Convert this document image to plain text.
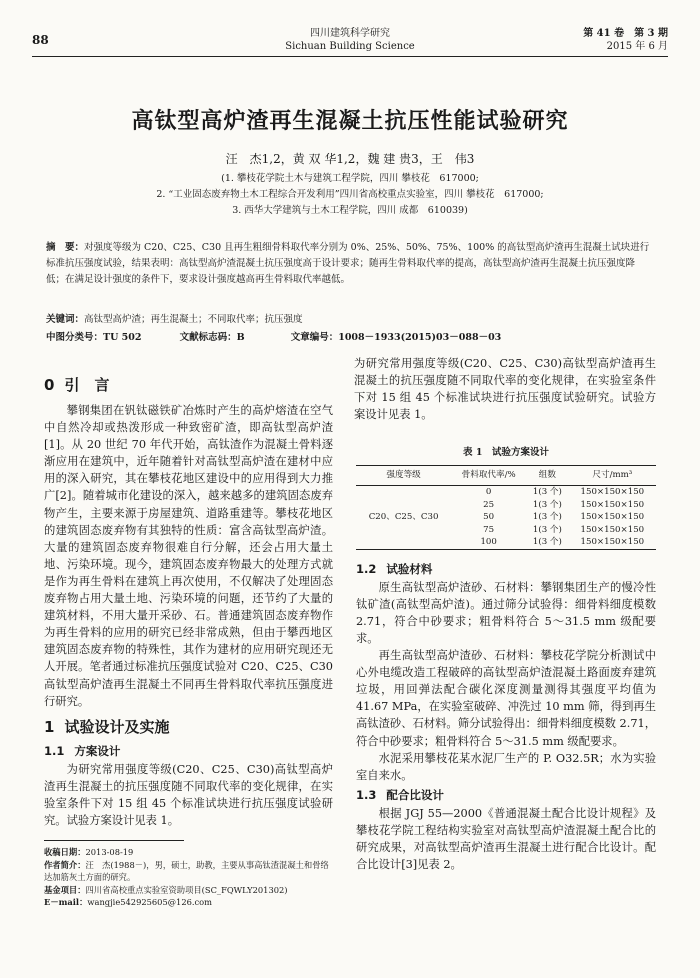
88	四川建筑科学研究
Sichuan Building Science
第 41 卷　第 3 期
2015 年 6 月
高钛型高炉渣再生混凝土抗压性能试验研究
汪　杰1,2，黄 双 华1,2，魏 建 贵3，王　伟3
(1. 攀枝花学院土木与建筑工程学院，四川 攀枝花　617000;
2. “工业固态废弃物土木工程综合开发利用”四川省高校重点实验室，四川 攀枝花　617000;
3. 西华大学建筑与土木工程学院，四川 成都　610039)
摘　要：对强度等级为 C20、C25、C30 且再生粗细骨料取代率分别为 0%、25%、50%、75%、100% 的高钛型高炉渣再生混凝土试块进行标准抗压强度试验，结果表明：高钛型高炉渣混凝土抗压强度高于设计要求；随再生骨料取代率的提高，高钛型高炉渣再生混凝土抗压强度降低；在满足设计强度的条件下，要求设计强度越高再生骨料取代率越低。
关键词：高钛型高炉渣；再生混凝土；不同取代率；抗压强度
中图分类号：TU 502	文献标志码：B	文章编号：1008－1933(2015)03－088－03
0 引　言

攀钢集团在钒钛磁铁矿冶炼时产生的高炉熔渣在空气中自然冷却或热泼形成一种致密矿渣，即高钛型高炉渣[1]。从 20 世纪 70 年代开始，高钛渣作为混凝土骨料逐渐应用在建筑中，近年随着针对高钛型高炉渣在建材中应用的深入研究，其在攀枝花地区建设中的应用得到大力推广[2]。随着城市化建设的深入，越来越多的建筑固态废弃物产生，主要来源于房屋建筑、道路重建等。攀枝花地区的建筑固态废弃物有其独特的性质：富含高钛型高炉渣。大量的建筑固态废弃物很难自行分解，还会占用大量土地、污染环境。现今，建筑固态废弃物最大的处理方式就是作为再生骨料在建筑上再次使用，不仅解决了处理固态废弃物占用大量土地、污染环境的问题，还节约了大量的建筑材料，不用大量开采砂、石。普通建筑固态废弃物作为再生骨料的应用的研究已经非常成熟，但由于攀西地区建筑固态废弃物的特殊性，其作为建材的应用研究现还无人开展。笔者通过标准抗压强度试验对 C20、C25、C30 高钛型高炉渣再生混凝土不同再生骨料取代率抗压强度进行研究。

1 试验设计及实施
1.1 方案设计

为研究常用强度等级(C20、C25、C30)高钛型高炉渣再生混凝土的抗压强度随不同取代率的变化规律，在实验室条件下对 15 组 45 个标准试块进行抗压强度试验研究。试验方案设计见表 1。

收稿日期：2013-08-19
作者简介：汪　杰(1988－)，男，硕士，助教，主要从事高钛渣混凝土和骨络达加筋灰土方面的研究。
基金项目：四川省高校重点实验室资助项目(SC_FQWLY201302)
E－mail：wangjie542925605@126.com

为研究常用强度等级(C20、C25、C30)高钛型高炉渣再生混凝土的抗压强度随不同取代率的变化规律，在实验室条件下对 15 组 45 个标准试块进行抗压强度试验研究。试验方案设计见表 1。

表 1　试验方案设计
强度等级	骨料取代率/%	组数	尺寸/mm³
C20、C25、C30	0	1(3 个)	150×150×150
	25	1(3 个)	150×150×150
	50	1(3 个)	150×150×150
	75	1(3 个)	150×150×150
	100	1(3 个)	150×150×150
1.2 试验材料

原生高钛型高炉渣砂、石材料：攀钢集团生产的慢冷性钛矿渣(高钛型高炉渣)。通过筛分试验得：细骨料细度模数 2.71，符合中砂要求；粗骨料符合 5～31.5 mm 级配要求。

再生高钛型高炉渣砂、石材料：攀枝花学院分析测试中心外电缆改造工程破碎的高钛型高炉渣混凝土路面废弃建筑垃圾，用回弹法配合碳化深度测量测得其强度平均值为 41.67 MPa，在实验室破碎、冲洗过 10 mm 筛，得到再生高钛渣砂、石材料。筛分试验得出：细骨料细度模数 2.71，符合中砂要求；粗骨料符合 5～31.5 mm 级配要求。

水泥采用攀枝花某水泥厂生产的 P. O32.5R；水为实验室自来水。

1.3 配合比设计

根据 JGJ 55—2000《普通混凝土配合比设计规程》及攀枝花学院工程结构实验室对高钛型高炉渣混凝土配合比的研究成果，对高钛型高炉渣再生混凝土进行配合比设计。配合比设计[3]见表 2。
